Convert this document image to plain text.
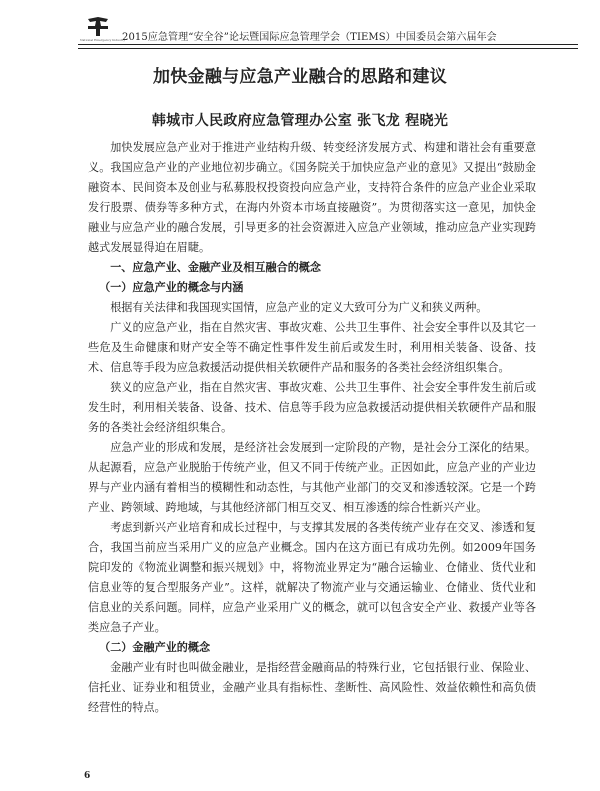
National Emergency Industry
2015应急管理“安全谷”论坛暨国际应急管理学会（TIEMS）中国委员会第六届年会
加快金融与应急产业融合的思路和建议
韩城市人民政府应急管理办公室 张飞龙 程晓光

加快发展应急产业对于推进产业结构升级、转变经济发展方式、构建和谐社会有重要意义。我国应急产业的产业地位初步确立。《国务院关于加快应急产业的意见》又提出“鼓励金融资本、民间资本及创业与私募股权投资投向应急产业，支持符合条件的应急产业企业采取发行股票、债券等多种方式，在海内外资本市场直接融资”。为贯彻落实这一意见，加快金融业与应急产业的融合发展，引导更多的社会资源进入应急产业领域，推动应急产业实现跨越式发展显得迫在眉睫。

一、应急产业、金融产业及相互融合的概念

（一）应急产业的概念与内涵

根据有关法律和我国现实国情，应急产业的定义大致可分为广义和狭义两种。

广义的应急产业，指在自然灾害、事故灾难、公共卫生事件、社会安全事件以及其它一些危及生命健康和财产安全等不确定性事件发生前后或发生时，利用相关装备、设备、技术、信息等手段为应急救援活动提供相关软硬件产品和服务的各类社会经济组织集合。

狭义的应急产业，指在自然灾害、事故灾难、公共卫生事件、社会安全事件发生前后或发生时，利用相关装备、设备、技术、信息等手段为应急救援活动提供相关软硬件产品和服务的各类社会经济组织集合。

应急产业的形成和发展，是经济社会发展到一定阶段的产物，是社会分工深化的结果。从起源看，应急产业脱胎于传统产业，但又不同于传统产业。正因如此，应急产业的产业边界与产业内涵有着相当的模糊性和动态性，与其他产业部门的交叉和渗透较深。它是一个跨产业、跨领域、跨地域，与其他经济部门相互交叉、相互渗透的综合性新兴产业。

考虑到新兴产业培育和成长过程中，与支撑其发展的各类传统产业存在交叉、渗透和复合，我国当前应当采用广义的应急产业概念。国内在这方面已有成功先例。如2009年国务院印发的《物流业调整和振兴规划》中，将物流业界定为“融合运输业、仓储业、货代业和信息业等的复合型服务产业”。这样，就解决了物流产业与交通运输业、仓储业、货代业和信息业的关系问题。同样，应急产业采用广义的概念，就可以包含安全产业、救援产业等各类应急子产业。

（二）金融产业的概念

金融产业有时也叫做金融业，是指经营金融商品的特殊行业，它包括银行业、保险业、信托业、证券业和租赁业，金融产业具有指标性、垄断性、高风险性、效益依赖性和高负债经营性的特点。

6
